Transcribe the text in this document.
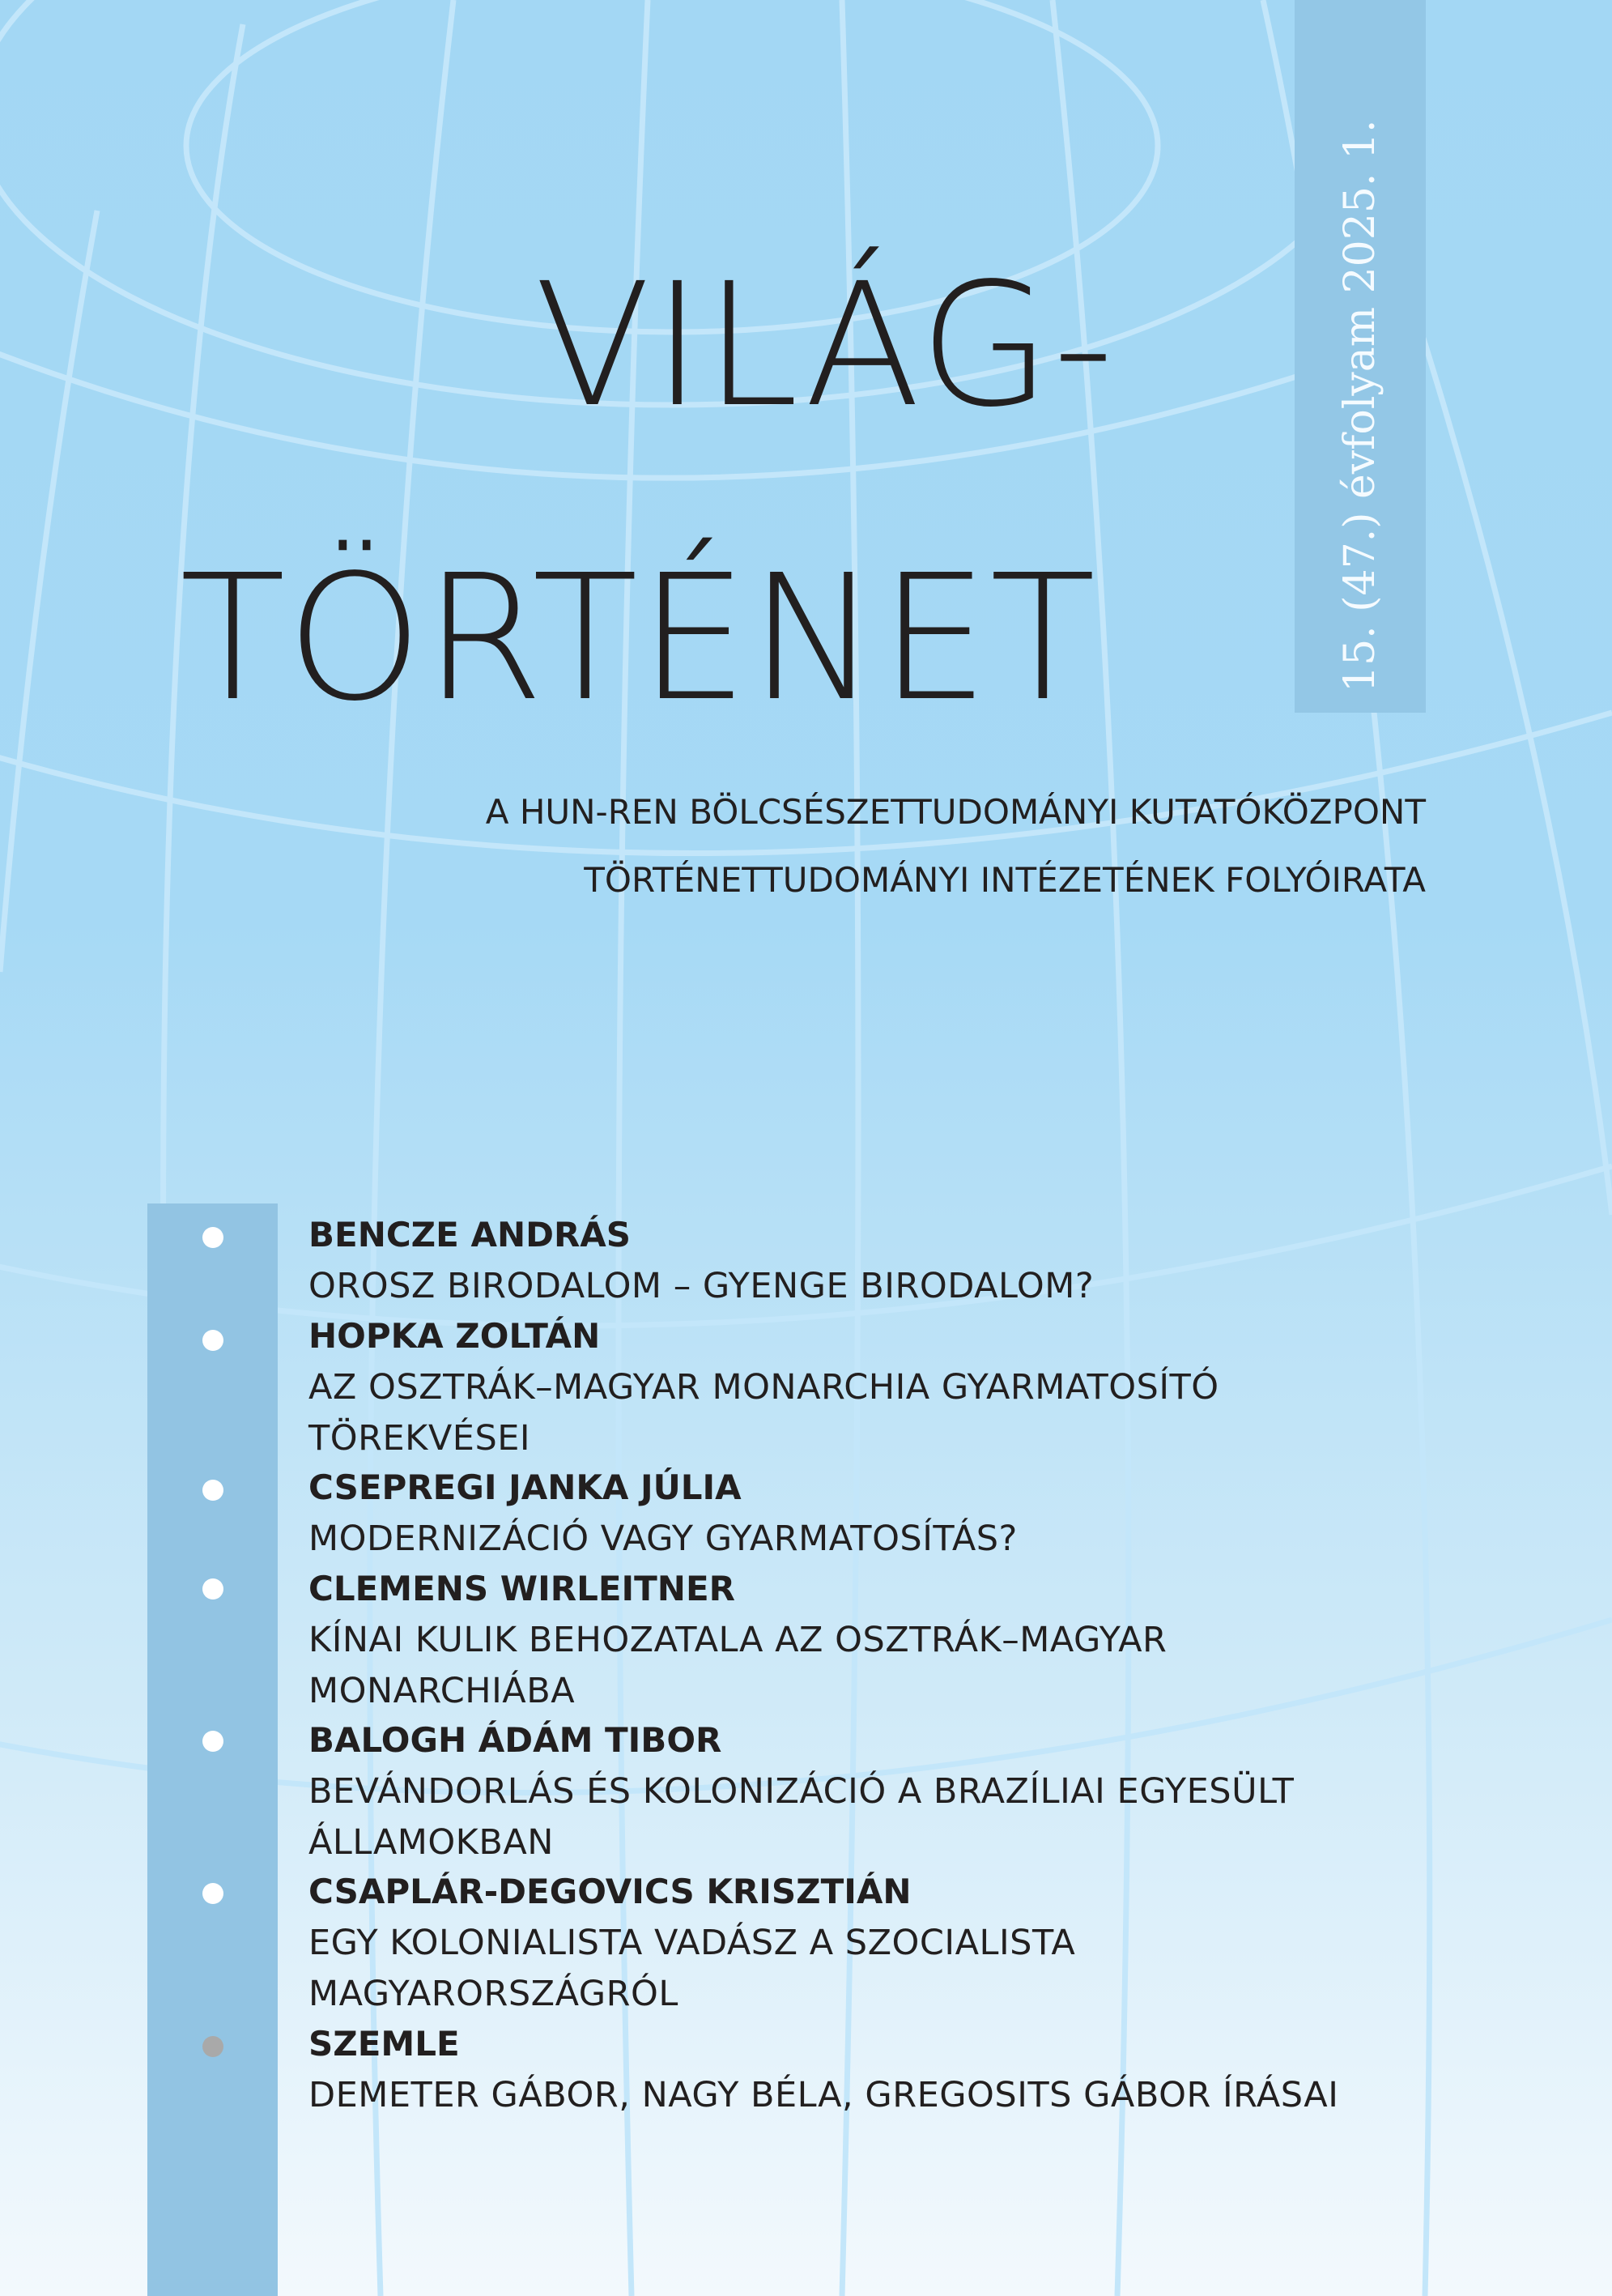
15. (47.) évfolyam 2025. 1.
VILÁG-
TÖRTÉNET

A HUN-REN BÖLCSÉSZETTUDOMÁNYI KUTATÓKÖZPONT

TÖRTÉNETTUDOMÁNYI INTÉZETÉNEK FOLYÓIRATA

BENCZE ANDRÁS

OROSZ BIRODALOM – GYENGE BIRODALOM?

HOPKA ZOLTÁN

AZ OSZTRÁK–MAGYAR MONARCHIA GYARMATOSÍTÓ

TÖREKVÉSEI

CSEPREGI JANKA JÚLIA

MODERNIZÁCIÓ VAGY GYARMATOSÍTÁS?

CLEMENS WIRLEITNER

KÍNAI KULIK BEHOZATALA AZ OSZTRÁK–MAGYAR

MONARCHIÁBA

BALOGH ÁDÁM TIBOR

BEVÁNDORLÁS ÉS KOLONIZÁCIÓ A BRAZÍLIAI EGYESÜLT

ÁLLAMOKBAN

CSAPLÁR-DEGOVICS KRISZTIÁN

EGY KOLONIALISTA VADÁSZ A SZOCIALISTA

MAGYARORSZÁGRÓL

SZEMLE

DEMETER GÁBOR, NAGY BÉLA, GREGOSITS GÁBOR ÍRÁSAI
